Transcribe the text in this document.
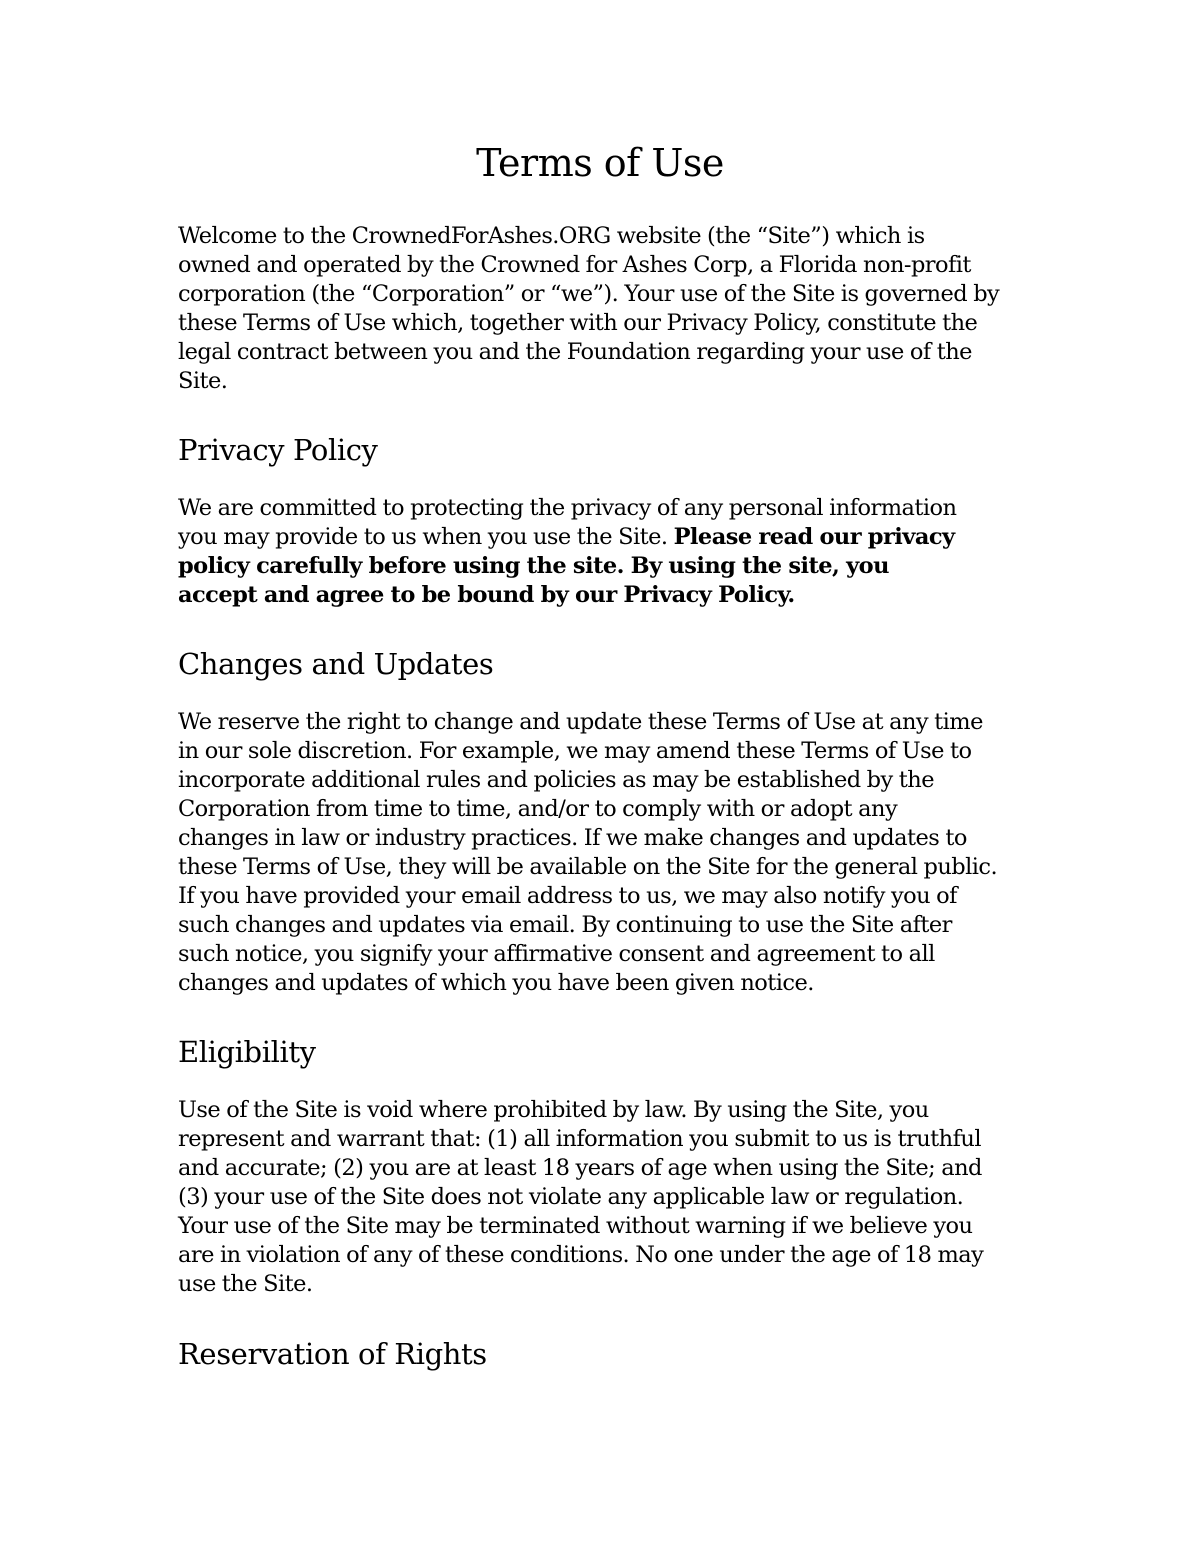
Terms of Use
Welcome to the CrownedForAshes.ORG website (the “Site”) which is
owned and operated by the Crowned for Ashes Corp, a Florida non-profit
corporation (the “Corporation” or “we”). Your use of the Site is governed by
these Terms of Use which, together with our Privacy Policy, constitute the
legal contract between you and the Foundation regarding your use of the
Site.
Privacy Policy
We are committed to protecting the privacy of any personal information
you may provide to us when you use the Site. Please read our privacy
policy carefully before using the site. By using the site, you
accept and agree to be bound by our Privacy Policy.
Changes and Updates
We reserve the right to change and update these Terms of Use at any time
in our sole discretion. For example, we may amend these Terms of Use to
incorporate additional rules and policies as may be established by the
Corporation from time to time, and/or to comply with or adopt any
changes in law or industry practices. If we make changes and updates to
these Terms of Use, they will be available on the Site for the general public.
If you have provided your email address to us, we may also notify you of
such changes and updates via email. By continuing to use the Site after
such notice, you signify your affirmative consent and agreement to all
changes and updates of which you have been given notice.
Eligibility
Use of the Site is void where prohibited by law. By using the Site, you
represent and warrant that: (1) all information you submit to us is truthful
and accurate; (2) you are at least 18 years of age when using the Site; and
(3) your use of the Site does not violate any applicable law or regulation.
Your use of the Site may be terminated without warning if we believe you
are in violation of any of these conditions. No one under the age of 18 may
use the Site.
Reservation of Rights
